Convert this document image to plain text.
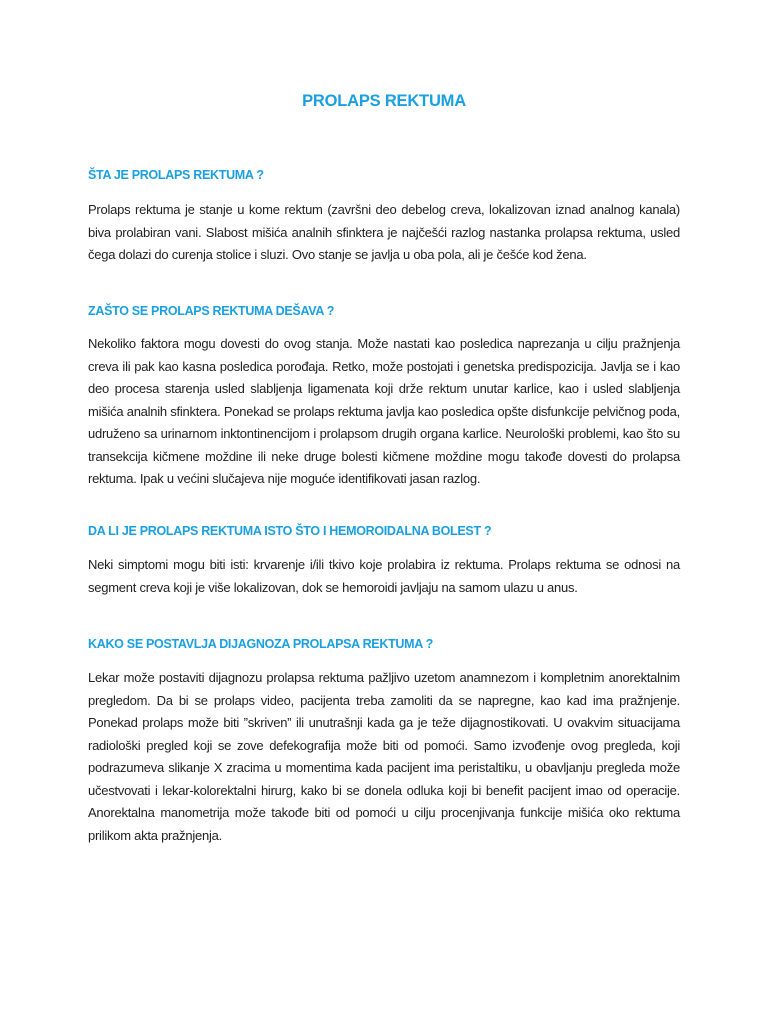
PROLAPS REKTUMA
ŠTA JE PROLAPS REKTUMA ?
Prolaps rektuma je stanje u kome rektum (završni deo debelog creva, lokalizovan iznad analnog kanala) biva prolabiran vani. Slabost mišića analnih sfinktera je najčešći razlog nastanka prolapsa rektuma, usled čega dolazi do curenja stolice i sluzi. Ovo stanje se javlja u oba pola, ali je češće kod žena.
ZAŠTO SE PROLAPS REKTUMA DEŠAVA ?
Nekoliko faktora mogu dovesti do ovog stanja. Može nastati kao posledica naprezanja u cilju pražnjenja creva ili pak kao kasna posledica porođaja. Retko, može postojati i genetska predispozicija. Javlja se i kao deo procesa starenja usled slabljenja ligamenata koji drže rektum unutar karlice, kao i usled slabljenja mišića analnih sfinktera. Ponekad se prolaps rektuma javlja kao posledica opšte disfunkcije pelvičnog poda, udruženo sa urinarnom inktontinencijom i prolapsom drugih organa karlice. Neurološki problemi, kao što su transekcija kičmene moždine ili neke druge bolesti kičmene moždine mogu takođe dovesti do prolapsa rektuma. Ipak u većini slučajeva nije moguće identifikovati jasan razlog.
DA LI JE PROLAPS REKTUMA ISTO ŠTO I HEMOROIDALNA BOLEST ?
Neki simptomi mogu biti isti: krvarenje i/ili tkivo koje prolabira iz rektuma. Prolaps rektuma se odnosi na segment creva koji je više lokalizovan, dok se hemoroidi javljaju na samom ulazu u anus.
KAKO SE POSTAVLJA DIJAGNOZA PROLAPSA REKTUMA ?
Lekar može postaviti dijagnozu prolapsa rektuma pažljivo uzetom anamnezom i kompletnim anorektalnim pregledom. Da bi se prolaps video, pacijenta treba zamoliti da se napregne, kao kad ima pražnjenje. Ponekad prolaps može biti ”skriven” ili unutrašnji kada ga je teže dijagnostikovati. U ovakvim situacijama radiološki pregled koji se zove defekografija može biti od pomoći. Samo izvođenje ovog pregleda, koji podrazumeva slikanje X zracima u momentima kada pacijent ima peristaltiku, u obavljanju pregleda može učestvovati i lekar-kolorektalni hirurg, kako bi se donela odluka koji bi benefit pacijent imao od operacije. Anorektalna manometrija može takođe biti od pomoći u cilju procenjivanja funkcije mišića oko rektuma prilikom akta pražnjenja.
